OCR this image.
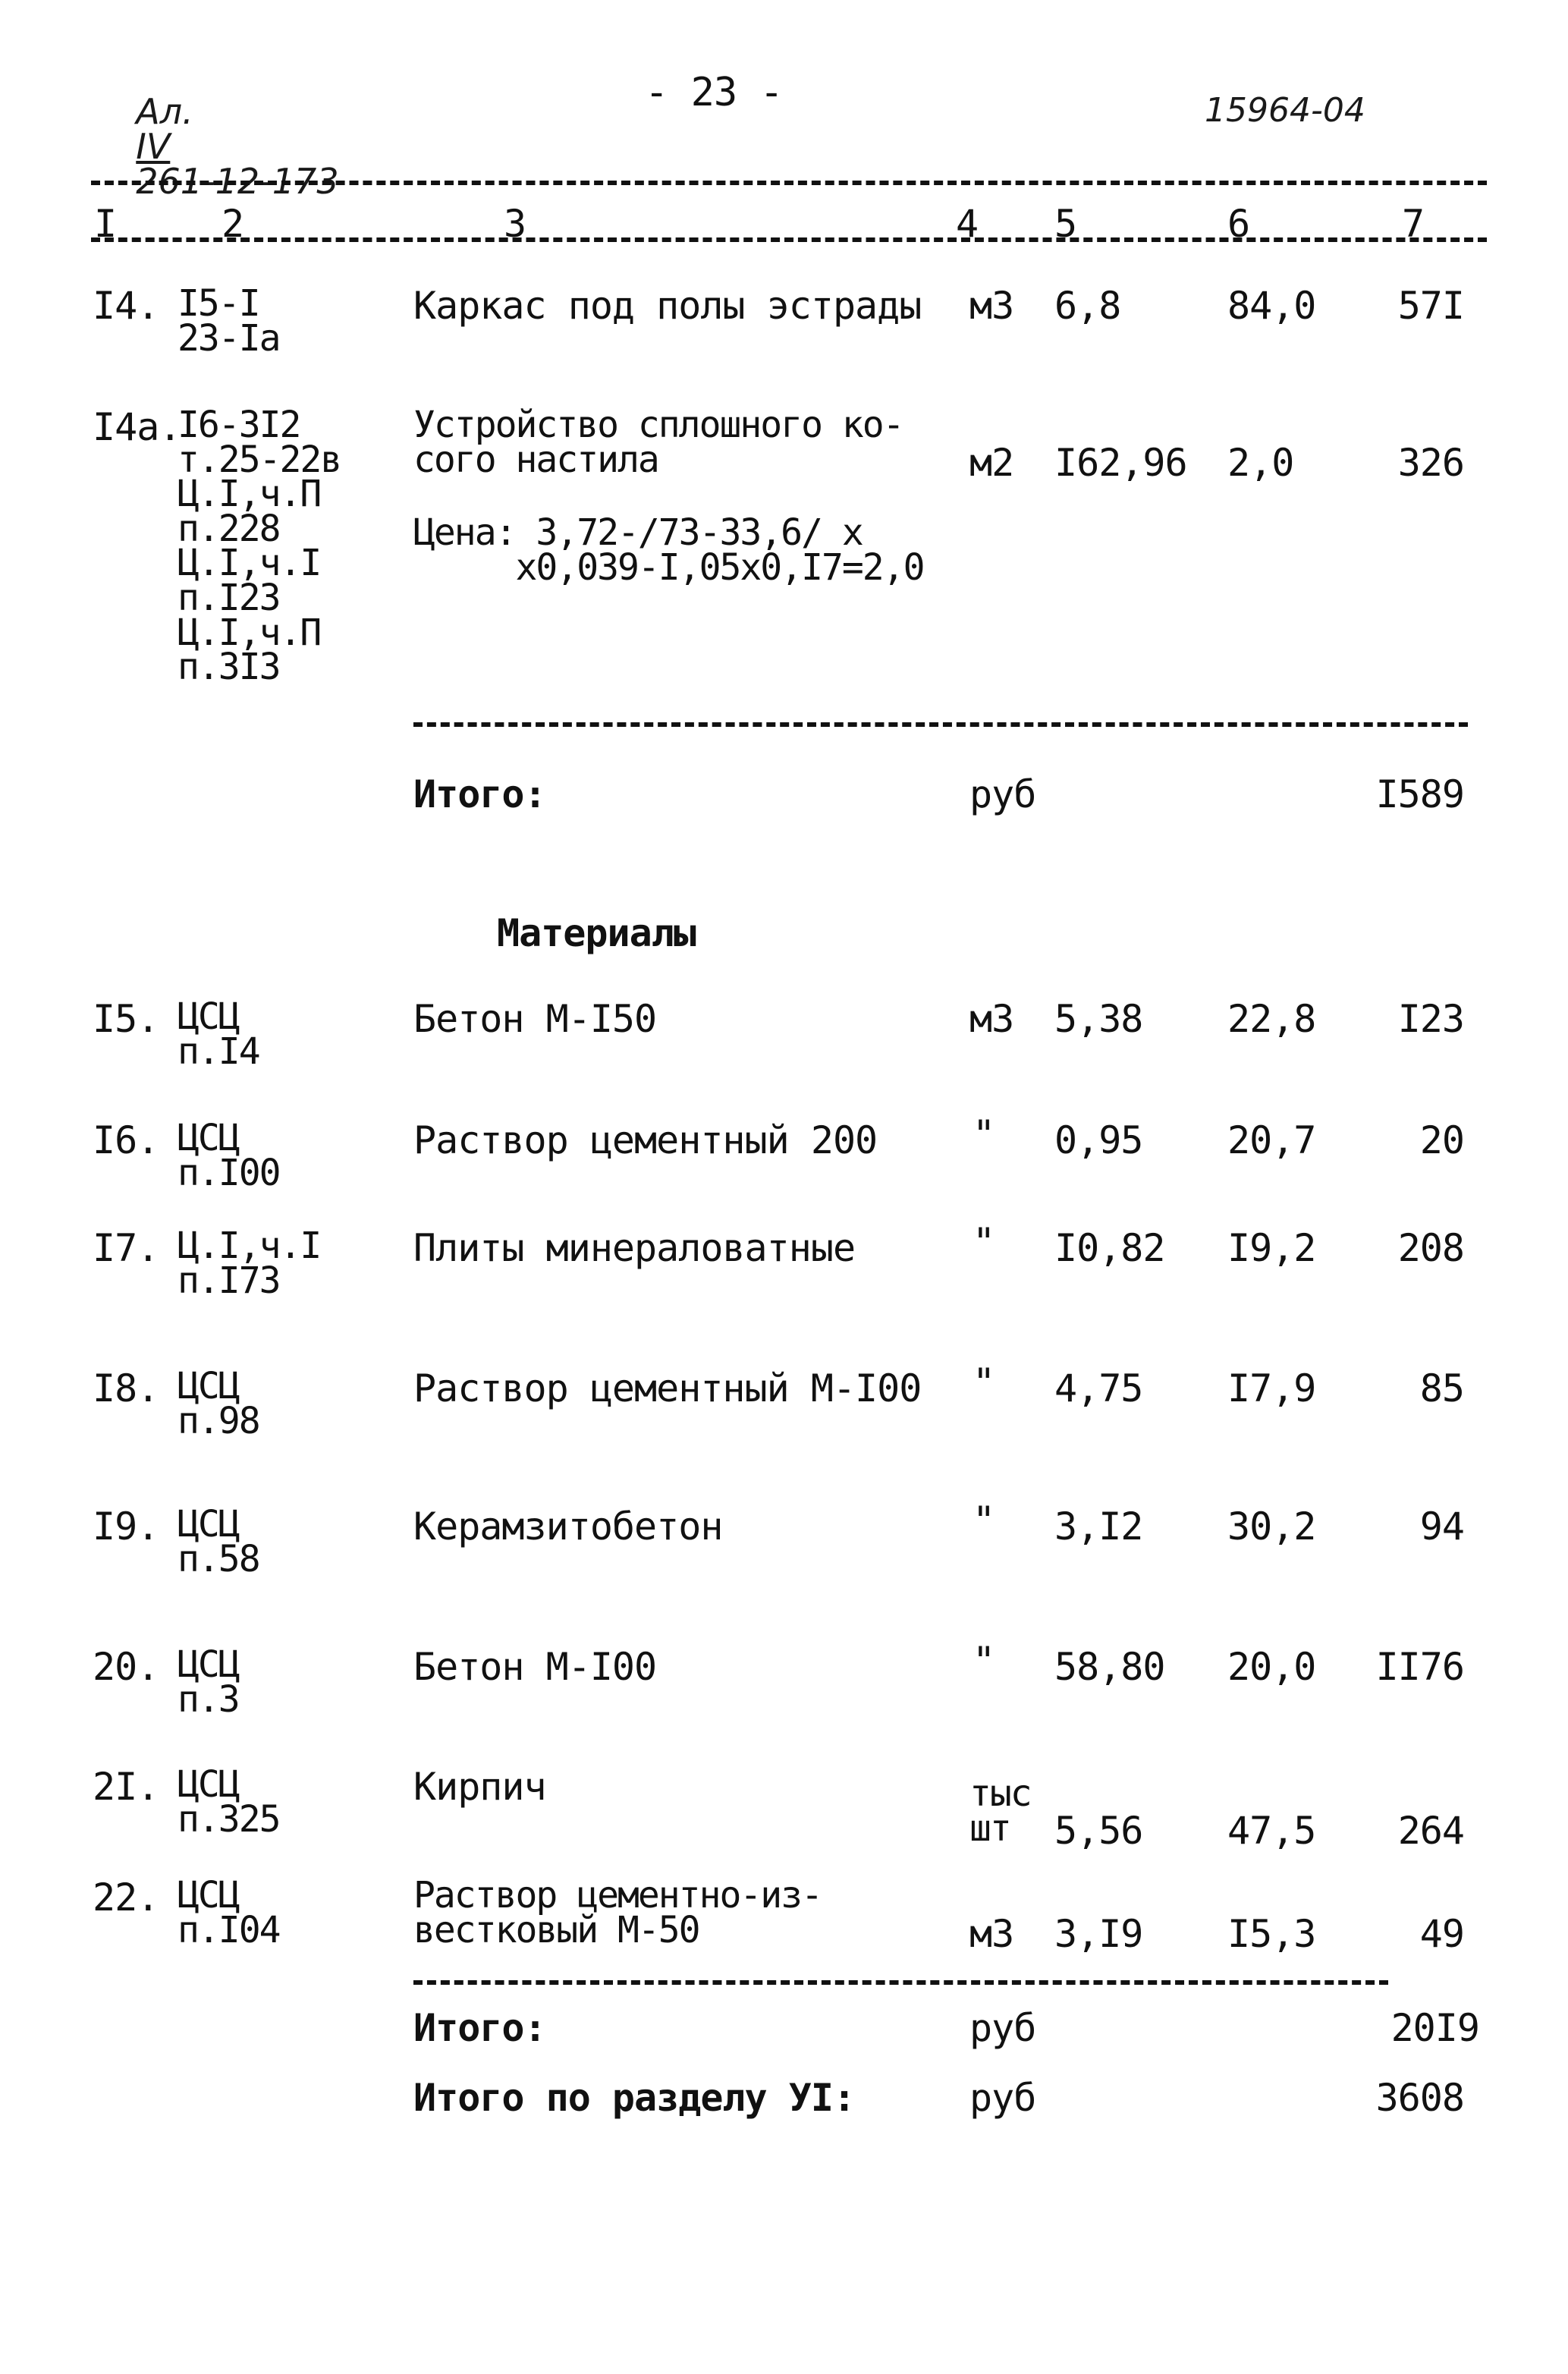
Ал.
IV
261-12-173

- 23 -	15964-04
I	2	3	4 5	6	7
I4. I5-I
23-Iа
Каркас под полы эстрады м3 6,8	84,0	57I
I4а.
I6-3I2
т.25-22в
Ц.I,ч.П
п.228
Ц.I,ч.I
п.I23
Ц.I,ч.П
п.3I3
Устройство сплошного ко-
сого настила
Цена: 3,72-/73-33,6/ х
х0,039-I,05х0,I7=2,0
м2 I62,96 2,0	326
Итого:	руб	I589
Материалы
I5. ЦСЦ
п.I4
Бетон М-I50	м3 5,38 22,8	I23
I6. ЦСЦ
п.I00
Раствор цементный 200	" 0,95 20,7	20
I7. Ц.I,ч.I
п.I73
Плиты минераловатные	" I0,82 I9,2	208
I8. ЦСЦ
п.98
Раствор цементный М-I00 " 4,75 I7,9	85
I9. ЦСЦ
п.58
Керамзитобетон	" 3,I2 30,2	94
20. ЦСЦ
п.3
Бетон М-I00	" 58,80 20,0	II76
2I. ЦСЦ
п.325
Кирпич	тыс
шт	5,56 47,5	264
22. ЦСЦ
п.I04
Раствор цементно-из-
вестковый М-50	м3 3,I9 I5,3	49
Итого:	руб	20I9
Итого по разделу УI:	руб	3608
